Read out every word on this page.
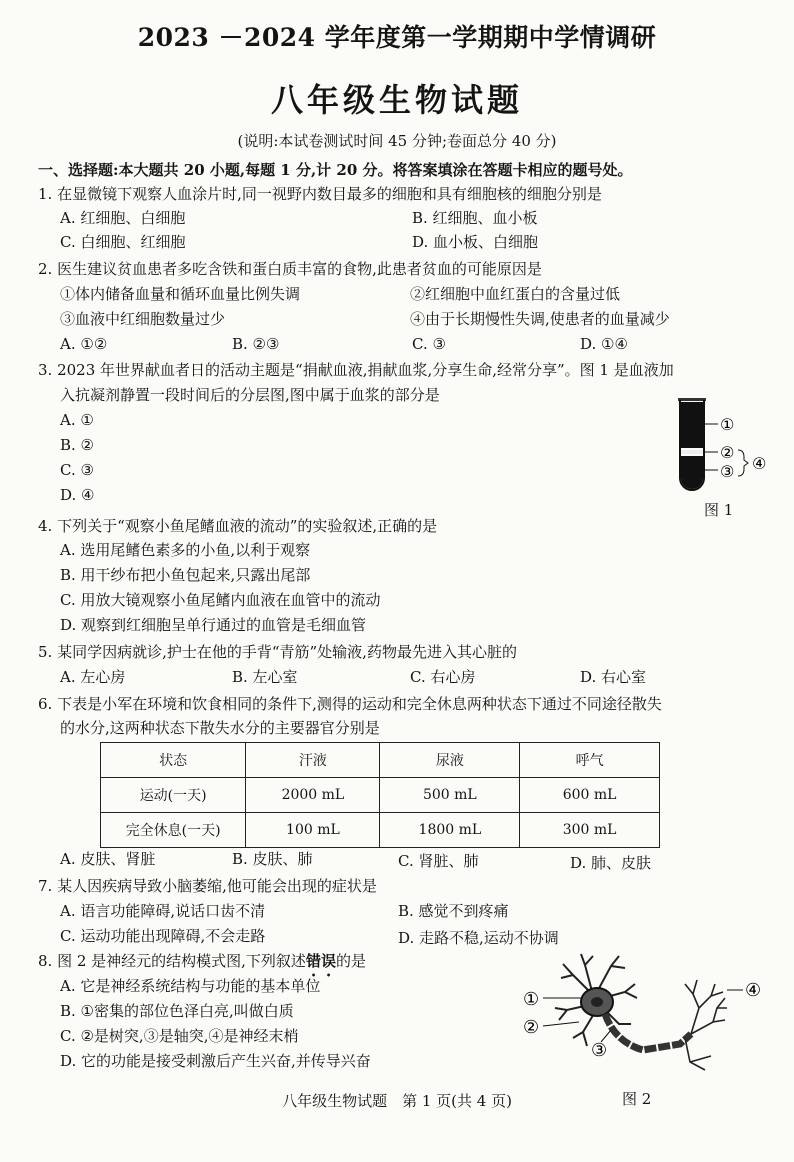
2023 －2024 学年度第一学期期中学情调研
八年级生物试题
(说明:本试卷测试时间 45 分钟;卷面总分 40 分)
一、选择题:本大题共 20 小题,每题 1 分,计 20 分。将答案填涂在答题卡相应的题号处。
1. 在显微镜下观察人血涂片时,同一视野内数目最多的细胞和具有细胞核的细胞分别是
A. 红细胞、白细胞	B. 红细胞、血小板
C. 白细胞、红细胞	D. 血小板、白细胞
2. 医生建议贫血患者多吃含铁和蛋白质丰富的食物,此患者贫血的可能原因是
①体内储备血量和循环血量比例失调	②红细胞中血红蛋白的含量过低
③血液中红细胞数量过少	④由于长期慢性失调,使患者的血量减少
A. ①②	B. ②③	C. ③	D. ①④
3. 2023 年世界献血者日的活动主题是“捐献血液,捐献血浆,分享生命,经常分享”。图 1 是血液加
入抗凝剂静置一段时间后的分层图,图中属于血浆的部分是
A. ①
B. ②
C. ③
D. ④
①
②
③ ④
图 1
4. 下列关于“观察小鱼尾鳍血液的流动”的实验叙述,正确的是
A. 选用尾鳍色素多的小鱼,以利于观察
B. 用干纱布把小鱼包起来,只露出尾部
C. 用放大镜观察小鱼尾鳍内血液在血管中的流动
D. 观察到红细胞呈单行通过的血管是毛细血管
5. 某同学因病就诊,护士在他的手背“青筋”处输液,药物最先进入其心脏的
A. 左心房	B. 左心室	C. 右心房	D. 右心室
6. 下表是小军在环境和饮食相同的条件下,测得的运动和完全休息两种状态下通过不同途径散失
的水分,这两种状态下散失水分的主要器官分别是
状态	汗液	尿液	呼气
运动(一天)	2000 mL	500 mL	600 mL
完全休息(一天)	100 mL	1800 mL	300 mL
A. 皮肤、肾脏	B. 皮肤、肺	C. 肾脏、肺	D. 肺、皮肤
7. 某人因疾病导致小脑萎缩,他可能会出现的症状是
A. 语言功能障碍,说话口齿不清	B. 感觉不到疼痛
C. 运动功能出现障碍,不会走路	D. 走路不稳,运动不协调
8. 图 2 是神经元的结构模式图,下列叙述错误的是
A. 它是神经系统结构与功能的基本单位
B. ①密集的部位色泽白亮,叫做白质
C. ②是树突,③是轴突,④是神经末梢
D. 它的功能是接受刺激后产生兴奋,并传导兴奋
①
②
③
④
八年级生物试题　第 1 页(共 4 页)	图 2
